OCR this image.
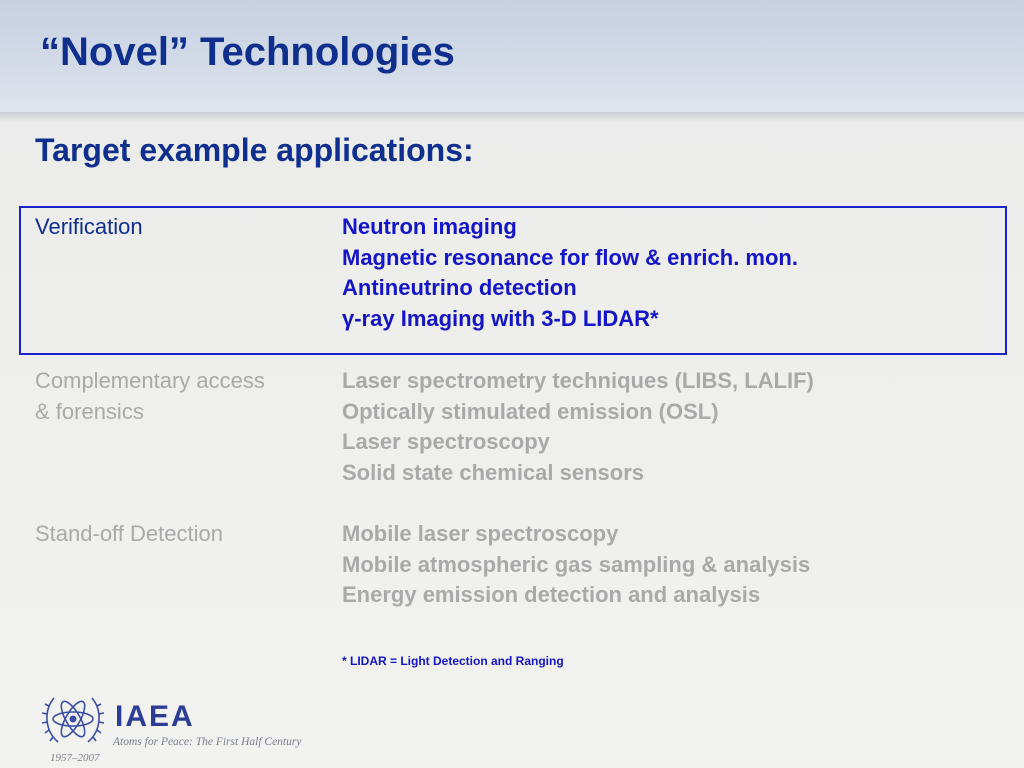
“Novel” Technologies
Target example applications:
Verification	Neutron imaging
Magnetic resonance for flow & enrich. mon.
Antineutrino detection
γ-ray Imaging with 3-D LIDAR*
Complementary access
& forensics
Laser spectrometry techniques (LIBS, LALIF)
Optically stimulated emission (OSL)
Laser spectroscopy
Solid state chemical sensors
Stand-off Detection	Mobile laser spectroscopy
Mobile atmospheric gas sampling & analysis
Energy emission detection and analysis
* LIDAR = Light Detection and Ranging
IAEA
Atoms for Peace: The First Half Century
1957–2007
